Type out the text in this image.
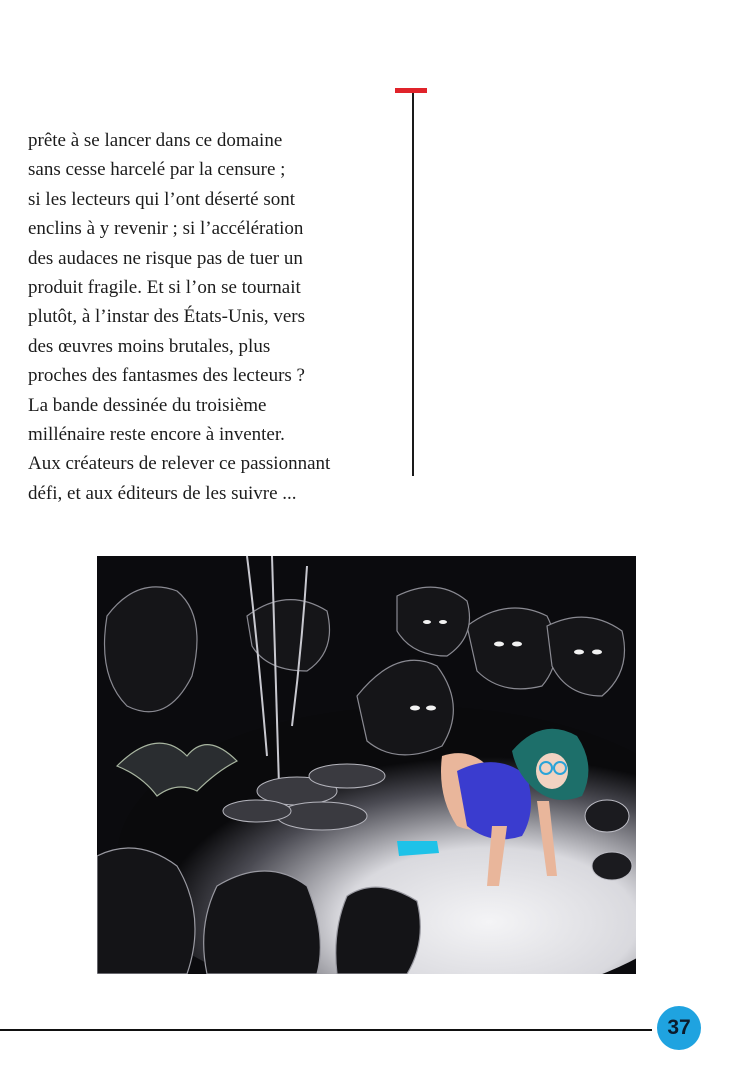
prête à se lancer dans ce domaine
sans cesse harcelé par la censure ;
si les lecteurs qui l’ont déserté sont
enclins à y revenir ; si l’accélération
des audaces ne risque pas de tuer un
produit fragile. Et si l’on se tournait
plutôt, à l’instar des États-Unis, vers
des œuvres moins brutales, plus
proches des fantasmes des lecteurs ?
La bande dessinée du troisième
millénaire reste encore à inventer.
Aux créateurs de relever ce passionnant
défi, et aux éditeurs de les suivre ...
37
